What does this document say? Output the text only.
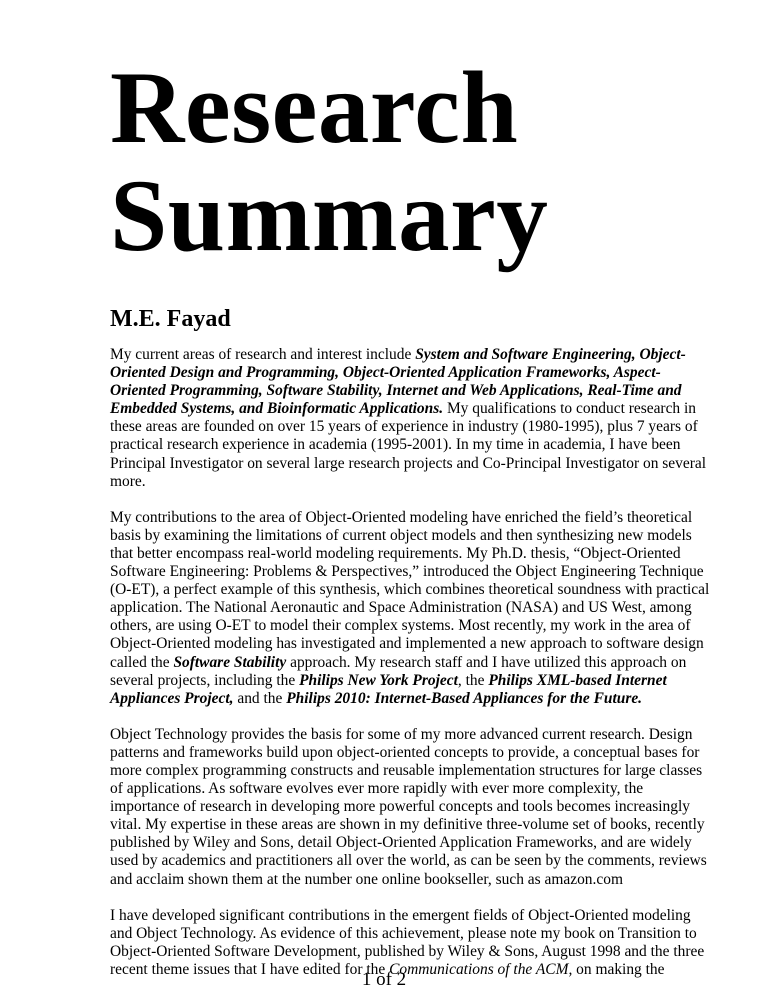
Research
Summary
M.E. Fayad

My current areas of research and interest include System and Software Engineering, Object-Oriented Design and Programming, Object-Oriented Application Frameworks, Aspect-Oriented Programming, Software Stability, Internet and Web Applications, Real-Time and Embedded Systems, and Bioinformatic Applications. My qualifications to conduct research in these areas are founded on over 15 years of experience in industry (1980-1995), plus 7 years of practical research experience in academia (1995-2001). In my time in academia, I have been Principal Investigator on several large research projects and Co-Principal Investigator on several more.

My contributions to the area of Object-Oriented modeling have enriched the field’s theoretical basis by examining the limitations of current object models and then synthesizing new models that better encompass real-world modeling requirements. My Ph.D. thesis, “Object-Oriented Software Engineering: Problems & Perspectives,” introduced the Object Engineering Technique (O-ET), a perfect example of this synthesis, which combines theoretical soundness with practical application. The National Aeronautic and Space Administration (NASA) and US West, among others, are using O-ET to model their complex systems. Most recently, my work in the area of Object-Oriented modeling has investigated and implemented a new approach to software design called the Software Stability approach. My research staff and I have utilized this approach on several projects, including the Philips New York Project, the Philips XML-based Internet Appliances Project, and the Philips 2010: Internet-Based Appliances for the Future.

Object Technology provides the basis for some of my more advanced current research. Design patterns and frameworks build upon object-oriented concepts to provide, a conceptual bases for more complex programming constructs and reusable implementation structures for large classes of applications. As software evolves ever more rapidly with ever more complexity, the importance of research in developing more powerful concepts and tools becomes increasingly vital. My expertise in these areas are shown in my definitive three-volume set of books, recently published by Wiley and Sons, detail Object-Oriented Application Frameworks, and are widely used by academics and practitioners all over the world, as can be seen by the comments, reviews and acclaim shown them at the number one online bookseller, such as amazon.com

I have developed significant contributions in the emergent fields of Object-Oriented modeling and Object Technology. As evidence of this achievement, please note my book on Transition to Object-Oriented Software Development, published by Wiley & Sons, August 1998 and the three recent theme issues that I have edited for the Communications of the ACM, on making the

1 of 2
